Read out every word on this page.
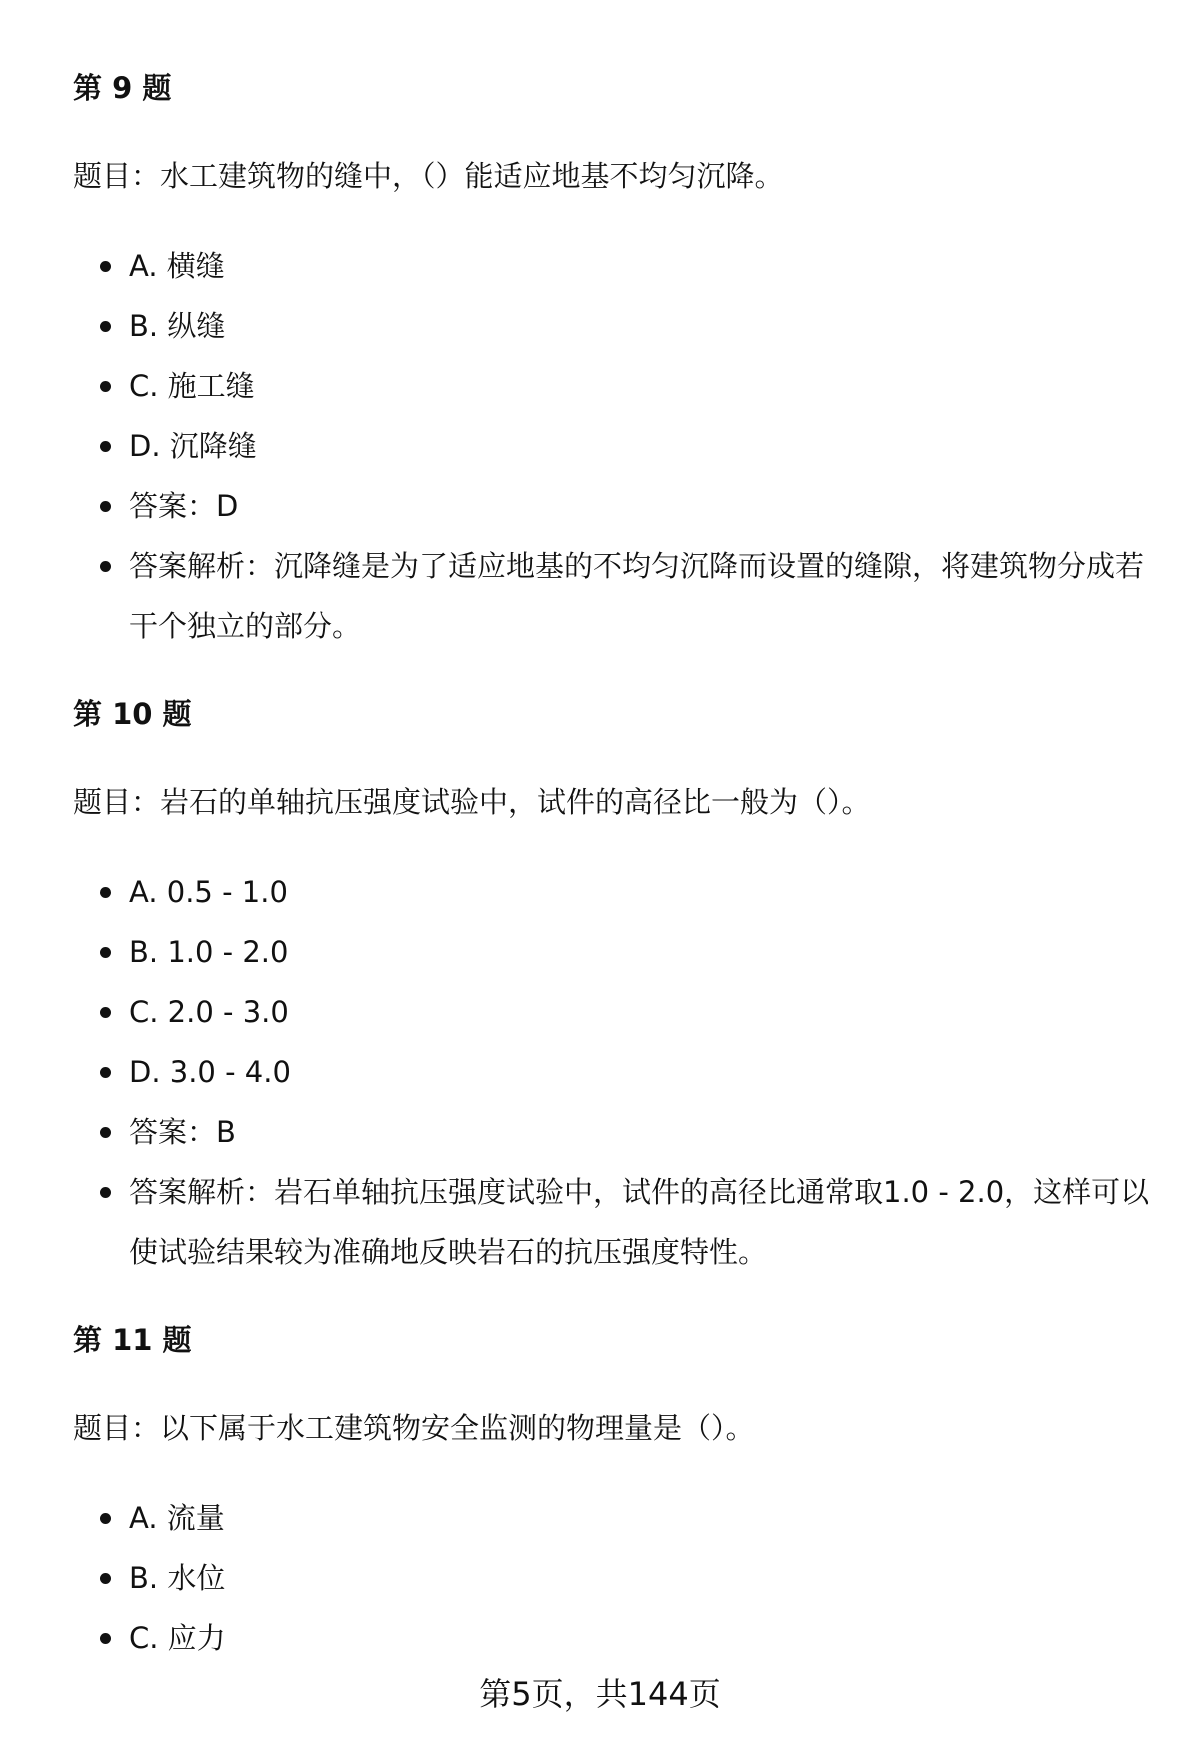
第 9 题

题目：水工建筑物的缝中，（）能适应地基不均匀沉降。

A. 横缝
B. 纵缝
C. 施工缝
D. 沉降缝
答案：D
答案解析：沉降缝是为了适应地基的不均匀沉降而设置的缝隙，将建筑物分成若干个独立的部分。
第 10 题

题目：岩石的单轴抗压强度试验中，试件的高径比一般为（）。

A. 0.5 - 1.0
B. 1.0 - 2.0
C. 2.0 - 3.0
D. 3.0 - 4.0
答案：B
答案解析：岩石单轴抗压强度试验中，试件的高径比通常取1.0 - 2.0，这样可以使试验结果较为准确地反映岩石的抗压强度特性。
第 11 题

题目：以下属于水工建筑物安全监测的物理量是（）。

A. 流量
B. 水位
C. 应力
第5页，共144页
